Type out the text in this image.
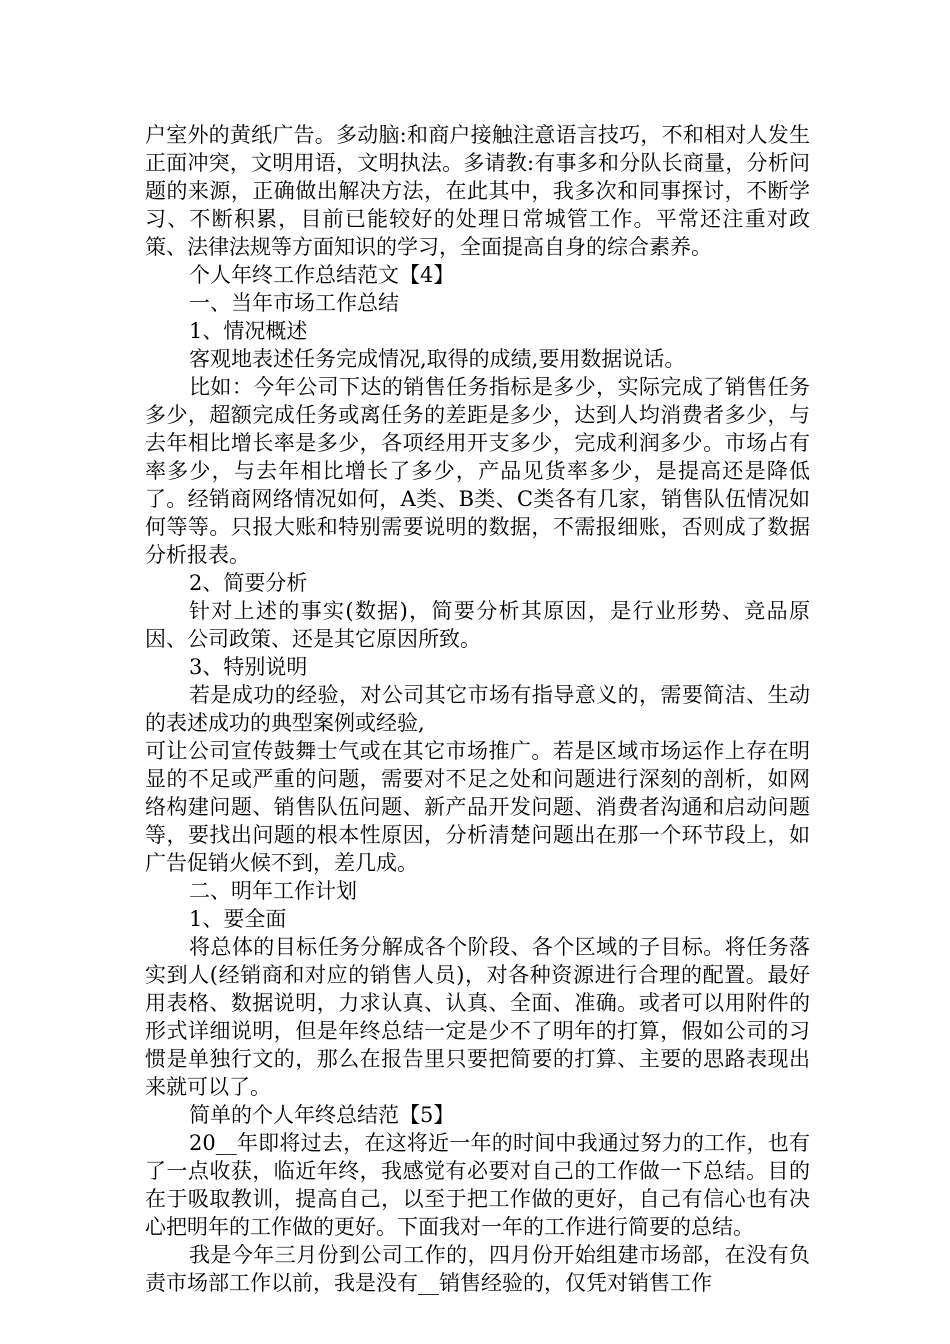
户室外的黄纸广告。多动脑:和商户接触注意语言技巧，不和相对人发生正面冲突，文明用语，文明执法。多请教:有事多和分队长商量，分析问题的来源，正确做出解决方法，在此其中，我多次和同事探讨，不断学习、不断积累，目前已能较好的处理日常城管工作。平常还注重对政策、法律法规等方面知识的学习，全面提高自身的综合素养。

个人年终工作总结范文【4】

一、当年市场工作总结

1、情况概述

客观地表述任务完成情况,取得的成绩,要用数据说话。

比如：今年公司下达的销售任务指标是多少，实际完成了销售任务多少，超额完成任务或离任务的差距是多少，达到人均消费者多少，与去年相比增长率是多少，各项经用开支多少，完成利润多少。市场占有率多少，与去年相比增长了多少，产品见货率多少，是提高还是降低了。经销商网络情况如何，A类、B类、C类各有几家，销售队伍情况如何等等。只报大账和特别需要说明的数据，不需报细账，否则成了数据分析报表。

2、简要分析

针对上述的事实(数据)，简要分析其原因，是行业形势、竞品原因、公司政策、还是其它原因所致。

3、特别说明

若是成功的经验，对公司其它市场有指导意义的，需要简洁、生动的表述成功的典型案例或经验,

可让公司宣传鼓舞士气或在其它市场推广。若是区域市场运作上存在明显的不足或严重的问题，需要对不足之处和问题进行深刻的剖析，如网络构建问题、销售队伍问题、新产品开发问题、消费者沟通和启动问题等，要找出问题的根本性原因，分析清楚问题出在那一个环节段上，如广告促销火候不到，差几成。

二、明年工作计划

1、要全面

将总体的目标任务分解成各个阶段、各个区域的子目标。将任务落实到人(经销商和对应的销售人员)，对各种资源进行合理的配置。最好用表格、数据说明，力求认真、认真、全面、准确。或者可以用附件的形式详细说明，但是年终总结一定是少不了明年的打算，假如公司的习惯是单独行文的，那么在报告里只要把简要的打算、主要的思路表现出来就可以了。

简单的个人年终总结范【5】

20__年即将过去，在这将近一年的时间中我通过努力的工作，也有了一点收获，临近年终，我感觉有必要对自己的工作做一下总结。目的在于吸取教训，提高自己，以至于把工作做的更好，自己有信心也有决心把明年的工作做的更好。下面我对一年的工作进行简要的总结。

我是今年三月份到公司工作的，四月份开始组建市场部，在没有负责市场部工作以前，我是没有__销售经验的，仅凭对销售工作
